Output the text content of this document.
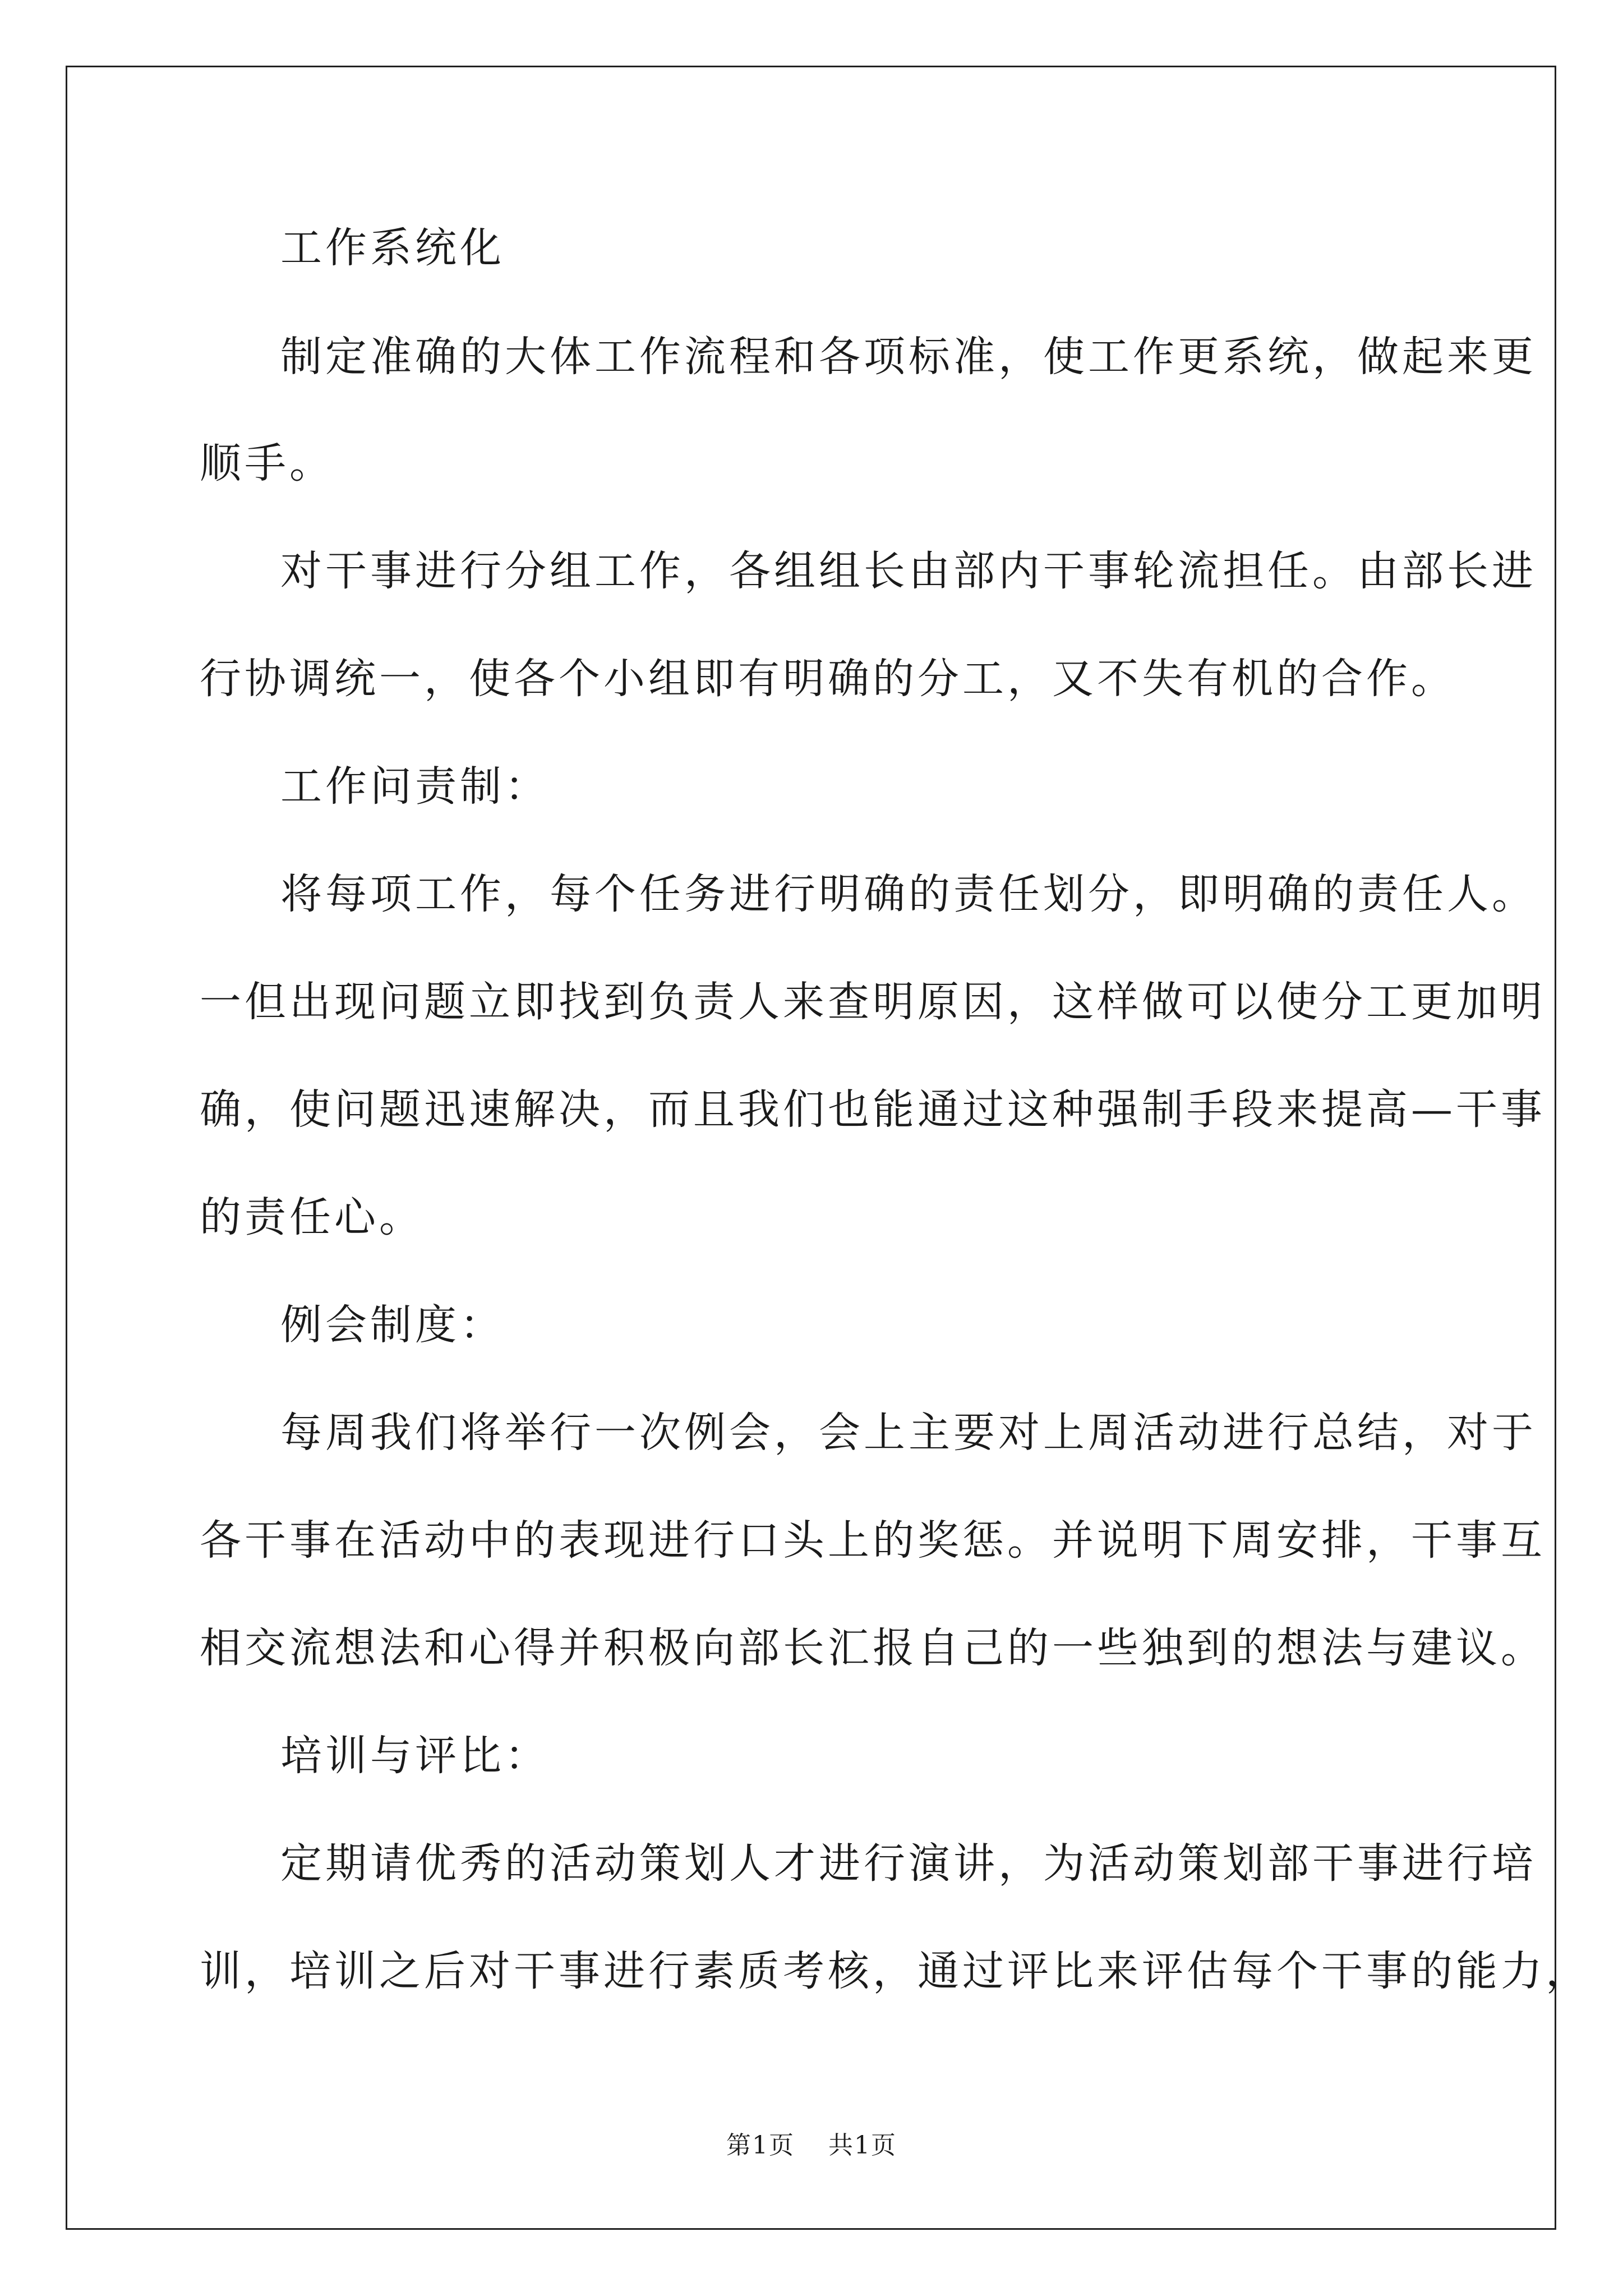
工作系统化
制定准确的大体工作流程和各项标准，使工作更系统，做起来更
顺手。
对干事进行分组工作，各组组长由部内干事轮流担任。由部长进
行协调统一，使各个小组即有明确的分工，又不失有机的合作。
工作问责制：
将每项工作，每个任务进行明确的责任划分，即明确的责任人。
一但出现问题立即找到负责人来查明原因，这样做可以使分工更加明
确，使问题迅速解决，而且我们也能通过这种强制手段来提高—干事
的责任心。
例会制度：
每周我们将举行一次例会，会上主要对上周活动进行总结，对于
各干事在活动中的表现进行口头上的奖惩。并说明下周安排，干事互
相交流想法和心得并积极向部长汇报自己的一些独到的想法与建议。
培训与评比：
定期请优秀的活动策划人才进行演讲，为活动策划部干事进行培
训，培训之后对干事进行素质考核，通过评比来评估每个干事的能力，
第1页 共1页
